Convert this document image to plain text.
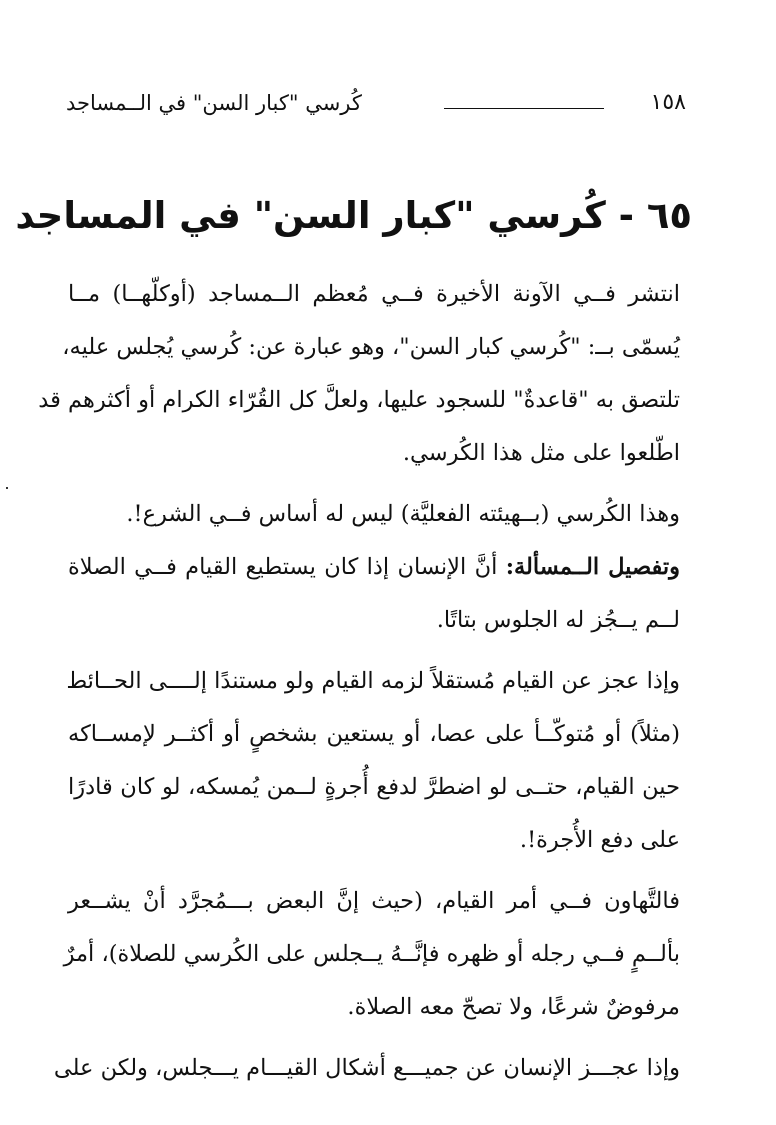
١٥٨
كُرسي "كبار السن" في الــمساجد
٦٥ - كُرسي "كبار السن" في المساجد

انتشر فــي الآونة الأخيرة فــي مُعظم الــمساجد (أوكلّهــا) مــا
يُسمّى بــ: "كُرسي كبار السن"، وهو عبارة عن: كُرسي يُجلس عليه،
تلتصق به "قاعدةٌ" للسجود عليها، ولعلَّ كل القُرّاء الكرام أو أكثرهم قد
اطّلعوا على مثل هذا الكُرسي.

وهذا الكُرسي (بــهيئته الفعليَّة) ليس له أساس فــي الشرع!.

وتفصيل الــمسألة: أنَّ الإنسان إذا كان يستطيع القيام فــي الصلاة
لــم يــجُز له الجلوس بتاتًا.

وإذا عجز عن القيام مُستقلاً لزمه القيام ولو مستندًا إلــــى الحــائط
(مثلاً) أو مُتوكّــأ على عصا، أو يستعين بشخصٍ أو أكثــر لإمســاكه
حين القيام، حتــى لو اضطرَّ لدفع أُجرةٍ لــمن يُمسكه، لو كان قادرًا
على دفع الأُجرة!.

فالتَّهاون فــي أمر القيام، (حيث إنَّ البعض بـــمُجرَّد أنْ يشــعر
بألــمٍ فــي رجله أو ظهره فإنَّــهُ يــجلس على الكُرسي للصلاة)، أمرٌ
مرفوضٌ شرعًا، ولا تصحّ معه الصلاة.

وإذا عجـــز الإنسان عن جميـــع أشكال القيـــام يـــجلس، ولكن على
